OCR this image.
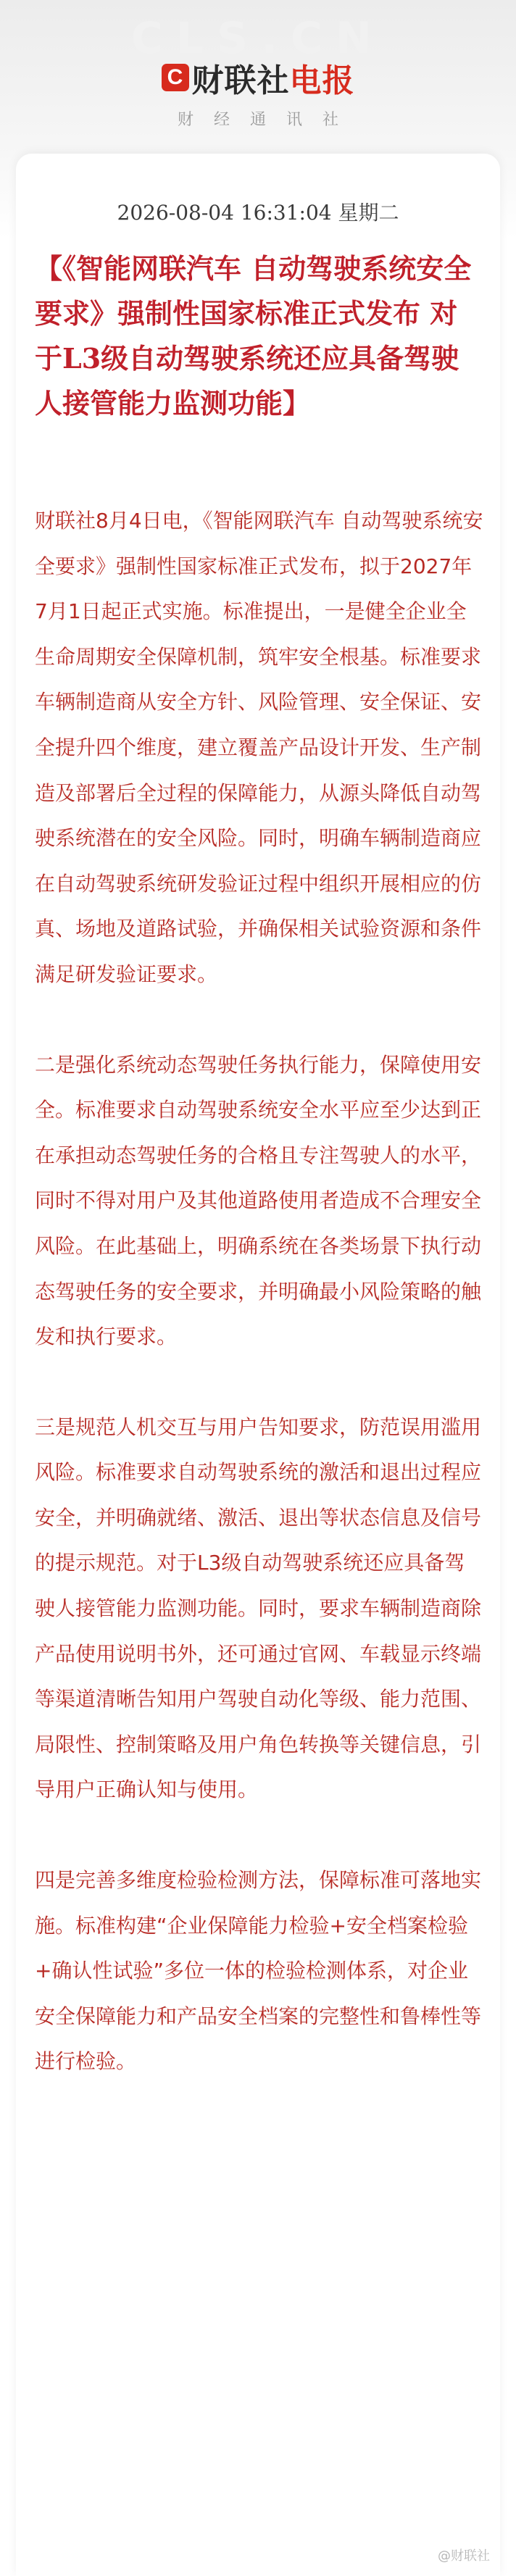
CLS.CN
C 财联社电报
财经通讯社
2026-08-04 16:31:04 星期二
【《智能网联汽车 自动驾驶系统安全要求》强制性国家标准正式发布 对于L3级自动驾驶系统还应具备驾驶人接管能力监测功能】

财联社8月4日电，《智能网联汽车 自动驾驶系统安全要求》强制性国家标准正式发布，拟于2027年7月1日起正式实施。标准提出，一是健全企业全生命周期安全保障机制，筑牢安全根基。标准要求车辆制造商从安全方针、风险管理、安全保证、安全提升四个维度，建立覆盖产品设计开发、生产制造及部署后全过程的保障能力，从源头降低自动驾驶系统潜在的安全风险。同时，明确车辆制造商应在自动驾驶系统研发验证过程中组织开展相应的仿真、场地及道路试验，并确保相关试验资源和条件满足研发验证要求。

二是强化系统动态驾驶任务执行能力，保障使用安全。标准要求自动驾驶系统安全水平应至少达到正在承担动态驾驶任务的合格且专注驾驶人的水平，同时不得对用户及其他道路使用者造成不合理安全风险。在此基础上，明确系统在各类场景下执行动态驾驶任务的安全要求，并明确最小风险策略的触发和执行要求。

三是规范人机交互与用户告知要求，防范误用滥用风险。标准要求自动驾驶系统的激活和退出过程应安全，并明确就绪、激活、退出等状态信息及信号的提示规范。对于L3级自动驾驶系统还应具备驾驶人接管能力监测功能。同时，要求车辆制造商除产品使用说明书外，还可通过官网、车载显示终端等渠道清晰告知用户驾驶自动化等级、能力范围、局限性、控制策略及用户角色转换等关键信息，引导用户正确认知与使用。

四是完善多维度检验检测方法，保障标准可落地实施。标准构建“企业保障能力检验+安全档案检验+确认性试验”多位一体的检验检测体系，对企业安全保障能力和产品安全档案的完整性和鲁棒性等进行检验。

@财联社
